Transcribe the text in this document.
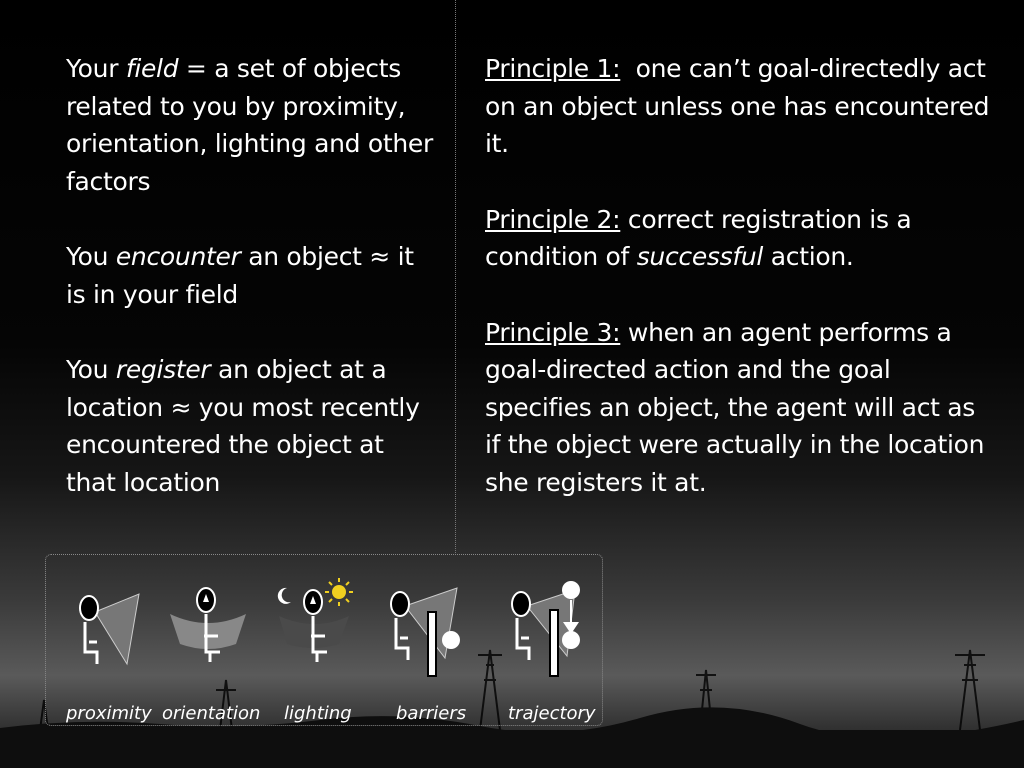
Your field = a set of objects related to you by proximity, orientation, lighting and other factors

You encounter an object ≈ it is in your field

You register an object at a location ≈ you most recently encountered the object at that location

Principle 1:  one can’t goal-directedly act on an object unless one has encountered it.

Principle 2: correct registration is a condition of successful action.

Principle 3: when an agent performs a goal-directed action and the goal specifies an object, the agent will act as if the object were actually in the location she registers it at.

proximity orientation lighting barriers trajectory
